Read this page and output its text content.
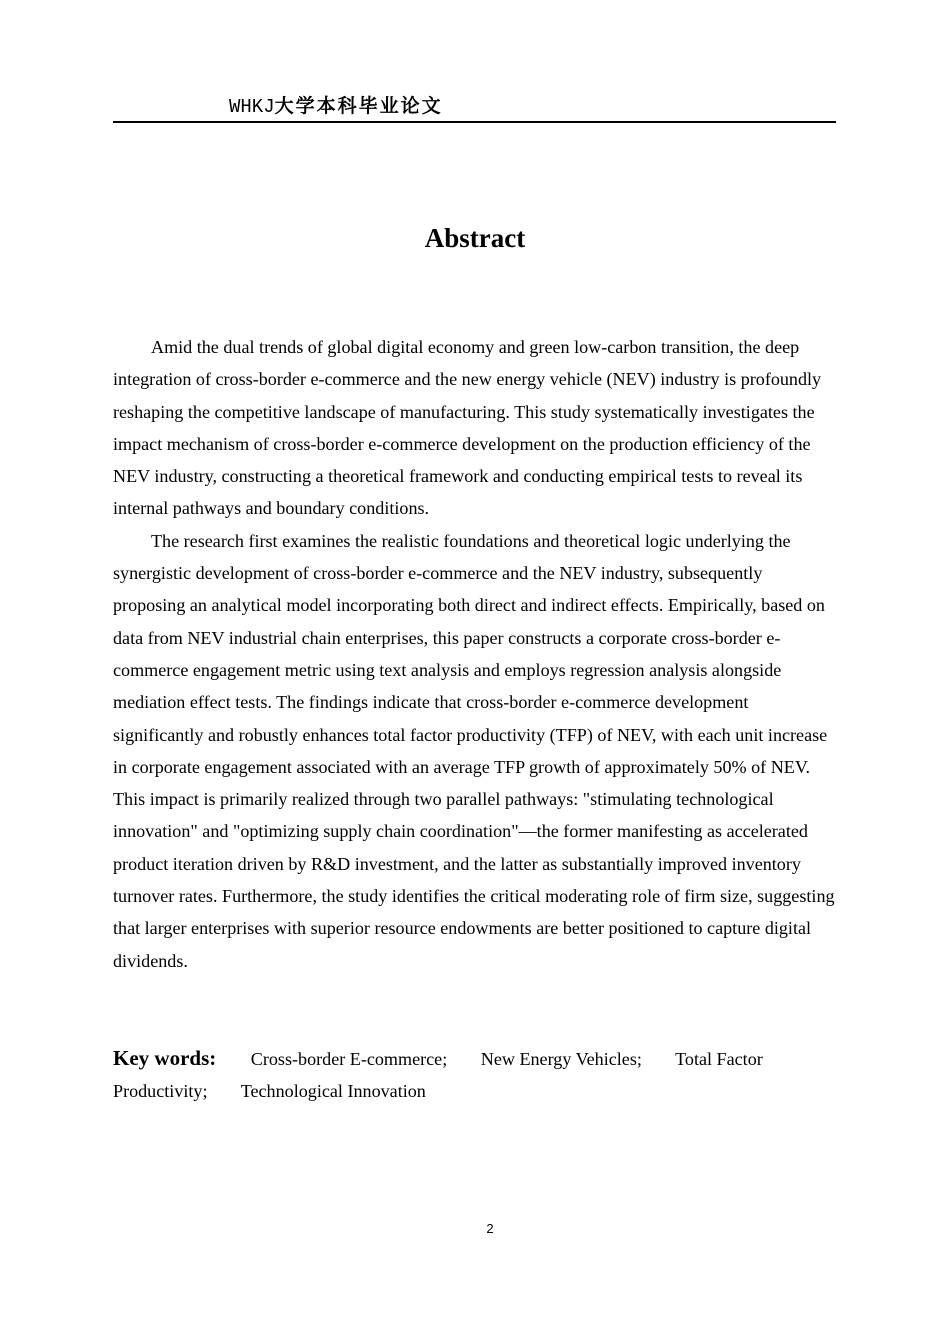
WHKJ大学本科毕业论文
Abstract

Amid the dual trends of global digital economy and green low-carbon transition, the deep integration of cross-border e-commerce and the new energy vehicle (NEV) industry is profoundly reshaping the competitive landscape of manufacturing. This study systematically investigates the impact mechanism of cross-border e-commerce development on the production efficiency of the NEV industry, constructing a theoretical framework and conducting empirical tests to reveal its internal pathways and boundary conditions.

The research first examines the realistic foundations and theoretical logic underlying the synergistic development of cross-border e-commerce and the NEV industry, subsequently proposing an analytical model incorporating both direct and indirect effects. Empirically, based on data from NEV industrial chain enterprises, this paper constructs a corporate cross-border e-commerce engagement metric using text analysis and employs regression analysis alongside mediation effect tests. The findings indicate that cross-border e-commerce development significantly and robustly enhances total factor productivity (TFP) of NEV, with each unit increase in corporate engagement associated with an average TFP growth of approximately 50% of NEV. This impact is primarily realized through two parallel pathways: "stimulating technological innovation" and "optimizing supply chain coordination"—the former manifesting as accelerated product iteration driven by R&D investment, and the latter as substantially improved inventory turnover rates. Furthermore, the study identifies the critical moderating role of firm size, suggesting that larger enterprises with superior resource endowments are better positioned to capture digital dividends.

Key words: Cross-border E-commerce; New Energy Vehicles; Total Factor Productivity; Technological Innovation
2
